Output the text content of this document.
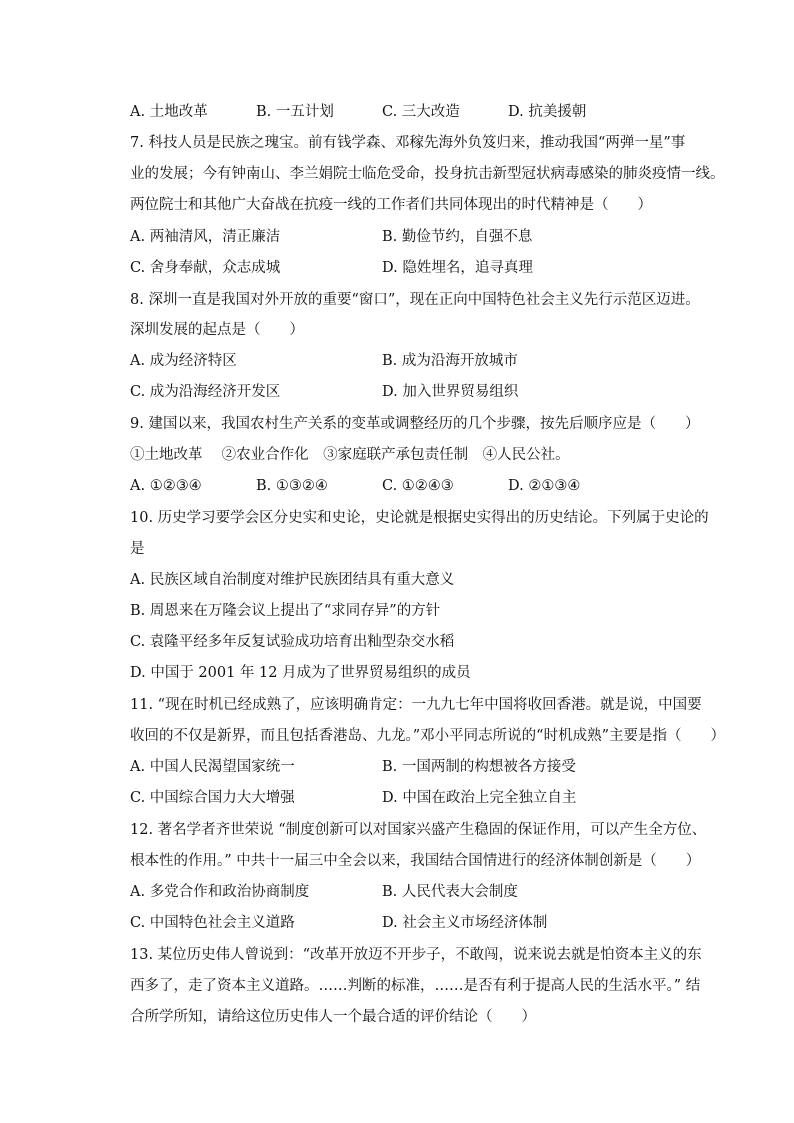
A. 土地改革	B. 一五计划	C. 三大改造	D. 抗美援朝
7. 科技人员是民族之瑰宝。前有钱学森、邓稼先海外负笈归来，推动我国“两弹一星”事
业的发展；今有钟南山、李兰娟院士临危受命，投身抗击新型冠状病毒感染的肺炎疫情一线。
两位院士和其他广大奋战在抗疫一线的工作者们共同体现出的时代精神是（　　）
A. 两袖清风，清正廉洁	B. 勤俭节约，自强不息
C. 舍身奉献，众志成城	D. 隐姓埋名，追寻真理
8. 深圳一直是我国对外开放的重要“窗口”，现在正向中国特色社会主义先行示范区迈进。
深圳发展的起点是（　　）
A. 成为经济特区	B. 成为沿海开放城市
C. 成为沿海经济开发区	D. 加入世界贸易组织
9. 建国以来，我国农村生产关系的变革或调整经历的几个步骤，按先后顺序应是（　　）
①土地改革　 ②农业合作化　③家庭联产承包责任制　④人民公社。
A. ①②③④	B. ①③②④	C. ①②④③	D. ②①③④
10. 历史学习要学会区分史实和史论，史论就是根据史实得出的历史结论。下列属于史论的
是
A. 民族区域自治制度对维护民族团结具有重大意义
B. 周恩来在万隆会议上提出了“求同存异”的方针
C. 袁隆平经多年反复试验成功培育出籼型杂交水稻
D. 中国于 2001 年 12 月成为了世界贸易组织的成员
11. “现在时机已经成熟了，应该明确肯定：一九九七年中国将收回香港。就是说，中国要
收回的不仅是新界，而且包括香港岛、九龙。”邓小平同志所说的“时机成熟”主要是指（　　）
A. 中国人民渴望国家统一	B. 一国两制的构想被各方接受
C. 中国综合国力大大增强	D. 中国在政治上完全独立自主
12. 著名学者齐世荣说 “制度创新可以对国家兴盛产生稳固的保证作用，可以产生全方位、
根本性的作用。” 中共十一届三中全会以来，我国结合国情进行的经济体制创新是（　　）
A. 多党合作和政治协商制度	B. 人民代表大会制度
C. 中国特色社会主义道路	D. 社会主义市场经济体制
13. 某位历史伟人曾说到：“改革开放迈不开步子，不敢闯，说来说去就是怕资本主义的东
西多了，走了资本主义道路。……判断的标准，……是否有利于提高人民的生活水平。” 结
合所学所知，请给这位历史伟人一个最合适的评价结论（　　）
